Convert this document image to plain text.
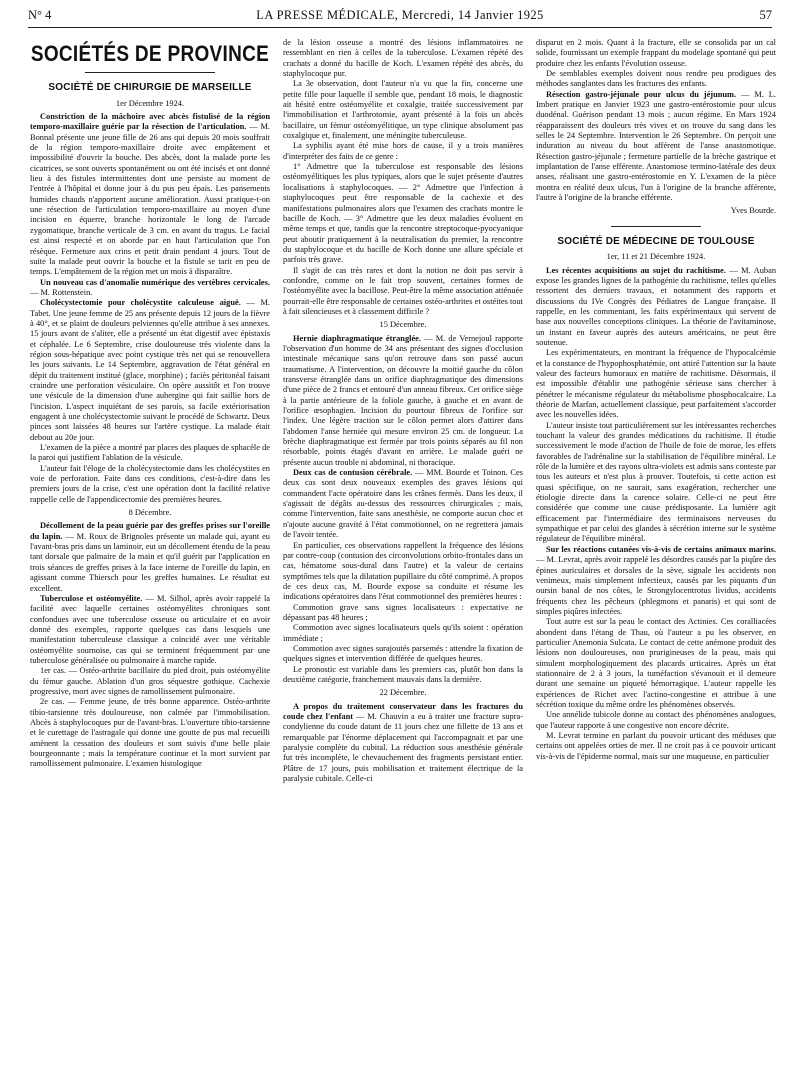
N° 4	LA PRESSE MÉDICALE, Mercredi, 14 Janvier 1925	57
SOCIÉTÉS DE PROVINCE
SOCIÉTÉ DE CHIRURGIE DE MARSEILLE

1er Décembre 1924.

Constriction de la mâchoire avec abcès fistulisé de la région temporo-maxillaire guérie par la résection de l'articulation. — M. Bonnal présente une jeune fille de 26 ans qui depuis 20 mois souffrait de la région temporo-maxillaire droite avec empâtement et impossibilité d'ouvrir la bouche. Des abcès, dont la malade porte les cicatrices, se sont ouverts spontanément ou ont été incisés et ont donné lieu à des fistules intermittentes dont une persiste au moment de l'entrée à l'hôpital et donne jour à du pus peu épais. Les pansements humides chauds n'apportent aucune amélioration. Aussi pratique-t-on une résection de l'articulation temporo-maxillaire au moyen d'une incision en équerre, branche horizontale le long de l'arcade zygomatique, branche verticale de 3 cm. en avant du tragus. Le facial est ainsi respecté et on aborde par en haut l'articulation que l'on résèque. Fermeture aux crins et petit drain pendant 4 jours. Tout de suite la malade peut ouvrir la bouche et la fistule se tarit en peu de temps. L'empâtement de la région met un mois à disparaître.

Un nouveau cas d'anomalie numérique des vertèbres cervicales. — M. Rottenstein.

Cholécystectomie pour cholécystite calculeuse aiguë. — M. Tabet. Une jeune femme de 25 ans présente depuis 12 jours de la fièvre à 40°, et se plaint de douleurs pelviennes qu'elle attribue à ses annexes. 15 jours avant de s'aliter, elle a présenté un état digestif avec épistaxis et céphalée. Le 6 Septembre, crise douloureuse très violente dans la région sous-hépatique avec point cystique très net qui se renouvellera les jours suivants. Le 14 Septembre, aggravation de l'état général en dépit du traitement institué (glace, morphine) ; faciès péritonéal faisant craindre une perforation vésiculaire. On opère aussitôt et l'on trouve une vésicule de la dimension d'une aubergine qui fait saillie hors de l'incision. L'aspect inquiétant de ses parois, sa facile extériorisation engagent à une cholécystectomie suivant le procédé de Schwartz. Deux pinces sont laissées 48 heures sur l'artère cystique. La malade était debout au 20e jour.

L'examen de la pièce a montré par places des plaques de sphacèle de la paroi qui justifient l'ablation de la vésicule.

L'auteur fait l'éloge de la cholécystectomie dans les cholécystites en voie de perforation. Faite dans ces conditions, c'est-à-dire dans les premiers jours de la crise, c'est une opération dont la facilité relative rappelle celle de l'appendicectomie des premières heures.

8 Décembre.

Décollement de la peau guérie par des greffes prises sur l'oreille du lapin. — M. Roux de Brignoles présente un malade qui, ayant eu l'avant-bras pris dans un laminoir, eut un décollement étendu de la peau tant dorsale que palmaire de la main et qu'il guérit par l'application en trois séances de greffes prises à la face interne de l'oreille du lapin, en agissant comme Thiersch pour les greffes humaines. Le résultat est excellent.

Tuberculose et ostéomyélite. — M. Silhol, après avoir rappelé la facilité avec laquelle certaines ostéomyélites chroniques sont confondues avec une tuberculose osseuse ou articulaire et en avoir donné des exemples, rapporte quelques cas dans lesquels une manifestation tuberculeuse classique a coïncidé avec une véritable ostéomyélite sournoise, cas qui se terminent fréquemment par une tuberculose généralisée ou pulmonaire à marche rapide.

1er cas. — Ostéo-arthrite bacillaire du pied droit, puis ostéomyélite du fémur gauche. Ablation d'un gros séquestre gothique. Cachexie progressive, mort avec signes de ramollissement pulmonaire.

2e cas. — Femme jeune, de très bonne apparence. Ostéo-arthrite tibio-tarsienne très douloureuse, non calmée par l'immobilisation. Abcès à staphylocoques pur de l'avant-bras. L'ouverture tibio-tarsienne et le curettage de l'astragale qui donne une goutte de pus mal recueilli amènent la cessation des douleurs et sont suivis d'une belle plaie bourgeonnante ; mais la température continue et la mort survient par ramollissement pulmonaire. L'examen histologique

de la lésion osseuse a montré des lésions inflammatoires ne ressemblant en rien à celles de la tuberculose. L'examen répété des crachats a donné du bacille de Koch. L'examen répété des abcès, du staphylocoque pur.

La 3e observation, dont l'auteur n'a vu que la fin, concerne une petite fille pour laquelle il semble que, pendant 18 mois, le diagnostic ait hésité entre ostéomyélite et coxalgie, traitée successivement par l'immobilisation et l'arthrotomie, ayant présenté à la fois un abcès bacillaire, un fémur ostéomyélitique, un type clinique absolument pas coxalgique et, finalement, une méningite tuberculeuse.

La syphilis ayant été mise hors de cause, il y a trois manières d'interpréter des faits de ce genre :

1° Admettre que la tuberculose est responsable des lésions ostéomyélitiques les plus typiques, alors que le sujet présente d'autres localisations à staphylocoques. — 2° Admettre que l'infection à staphylocoques peut être responsable de la cachexie et des manifestations pulmonaires alors que l'examen des crachats montre le bacille de Koch. — 3° Admettre que les deux maladies évoluent en même temps et que, tandis que la rencontre streptocoque-pyocyanique peut aboutir pratiquement à la neutralisation du premier, la rencontre du staphylocoque et du bacille de Koch donne une allure spéciale et parfois très grave.

Il s'agit de cas très rares et dont la notion ne doit pas servir à confondre, comme on le fait trop souvent, certaines formes de l'ostéomyélite avec la bacillose. Peut-être la même association atténuée pourrait-elle être responsable de certaines ostéo-arthrites et ostéites tout à fait silencieuses et à classement difficile ?

15 Décembre.

Hernie diaphragmatique étranglée. — M. de Vernejoul rapporte l'observation d'un homme de 34 ans présentant des signes d'occlusion intestinale mécanique sans qu'on retrouve dans son passé aucun traumatisme. A l'intervention, on découvre la moitié gauche du côlon transverse étranglée dans un orifice diaphragmatique des dimensions d'une pièce de 2 francs et entouré d'un anneau fibreux. Cet orifice siège à la partie antérieure de la foliole gauche, à gauche et en avant de l'orifice œsophagien. Incision du pourtour fibreux de l'orifice sur l'index. Une légère traction sur le côlon permet alors d'attirer dans l'abdomen l'anse herniée qui mesure environ 25 cm. de longueur. La brèche diaphragmatique est fermée par trois points séparés au fil non résorbable, points étagés d'avant en arrière. Le malade guéri ne présente aucun trouble ni abdominal, ni thoracique.

Deux cas de contusion cérébrale. — MM. Bourde et Toinon. Ces deux cas sont deux nouveaux exemples des graves lésions qui commandent l'acte opératoire dans les crânes fermés. Dans les deux, il s'agissait de dégâts au-dessus des ressources chirurgicales ; mais, comme l'intervention, faite sans anesthésie, ne comporte aucun choc et n'ajoute aucune gravité à l'état commotionnel, on ne regrettera jamais de l'avoir tentée.

En particulier, ces observations rappellent la fréquence des lésions par contre-coup (contusion des circonvolutions orbito-frontales dans un cas, hématome sous-dural dans l'autre) et la valeur de certains symptômes tels que la dilatation pupillaire du côté comprimé. A propos de ces deux cas, M. Bourde expose sa conduite et résume les indications opératoires dans l'état commotionnel des premières heures :

Commotion grave sans signes localisateurs : expectative ne dépassant pas 48 heures ;

Commotion avec signes localisateurs quels qu'ils soient : opération immédiate ;

Commotion avec signes surajoutés parsemés : attendre la fixation de quelques signes et intervention différée de quelques heures.

Le pronostic est variable dans les premiers cas, plutôt bon dans la deuxième catégorie, franchement mauvais dans la dernière.

22 Décembre.

A propos du traitement conservateur dans les fractures du coude chez l'enfant — M. Chauvin a eu à traiter une fracture supra-condylienne du coude datant de 11 jours chez une fillette de 13 ans et remarquable par l'énorme déplacement qui l'accompagnait et par une paralysie complète du cubital. La réduction sous anesthésie générale fut très incomplète, le chevauchement des fragments persistant entier. Plâtre de 17 jours, puis mobilisation et traitement électrique de la paralysie cubitale. Celle-ci

disparut en 2 mois. Quant à la fracture, elle se consolida par un cal solide, fournissant un exemple frappant du modelage spontané qui peut produire chez les enfants l'évolution osseuse.

De semblables exemples doivent nous rendre peu prodigues des méthodes sanglantes dans les fractures des enfants.

Résection gastro-jéjunale pour ulcus du jéjunum. — M. L. Imbert pratique en Janvier 1923 une gastro-entérostomie pour ulcus duodénal. Guérison pendant 13 mois ; aucun régime. En Mars 1924 réapparaissent des douleurs très vives et on trouve du sang dans les selles le 24 Septembre. Intervention le 26 Septembre. On perçoit une induration au niveau du bout afférent de l'anse anastomotique. Résection gastro-jéjunale ; fermeture partielle de la brèche gastrique et implantation de l'anse efférente. Anastomose termino-latérale des deux anses, réalisant une gastro-entérostomie en Y. L'examen de la pièce montra en réalité deux ulcus, l'un à l'origine de la branche afférente, l'autre à l'origine de la branche efférente.

Yves Bourde.

SOCIÉTÉ DE MÉDECINE DE TOULOUSE

1er, 11 et 21 Décembre 1924.

Les récentes acquisitions au sujet du rachitisme. — M. Auban expose les grandes lignes de la pathogénie du rachitisme, telles qu'elles ressortent des derniers travaux, et notamment des rapports et discussions du IVe Congrès des Pédiatres de Langue française. Il rappelle, en les commentant, les faits expérimentaux qui servent de base aux nouvelles conceptions cliniques. La théorie de l'avitaminose, un instant en faveur auprès des auteurs américains, ne peut être soutenue.

Les expérimentateurs, en montrant la fréquence de l'hypocalcémie et la constance de l'hypophosphatémie, ont attiré l'attention sur la haute valeur des facteurs humoraux en matière de rachitisme. Désormais, il est impossible d'établir une pathogénie sérieuse sans chercher à pénétrer le mécanisme régulateur du métabolisme phosphocalcaire. La théorie de Marfan, actuellement classique, peut parfaitement s'accorder avec les nouvelles idées.

L'auteur insiste tout particulièrement sur les intéressantes recherches touchant la valeur des grandes médications du rachitisme. Il étudie successivement le mode d'action de l'huile de foie de morue, les effets favorables de l'adrénaline sur la stabilisation de l'équilibre minéral. Le rôle de la lumière et des rayons ultra-violets est admis sans conteste par tous les auteurs et n'est plus à prouver. Toutefois, si cette action est quasi spécifique, on ne saurait, sans exagération, rechercher une étiologie directe dans la carence solaire. Celle-ci ne peut être considérée que comme une cause prédisposante. La lumière agit efficacement par l'intermédiaire des terminaisons nerveuses du sympathique et par celui des glandes à sécrétion interne sur le système régulateur de l'équilibre minéral.

Sur les réactions cutanées vis-à-vis de certains animaux marins. — M. Levrat, après avoir rappelé les désordres causés par la piqûre des épines auriculaires et dorsales de la sève, signale les accidents non venimeux, mais simplement infectieux, causés par les piquants d'un oursin banal de nos côtes, le Strongylocentrotus lividus, accidents fréquents chez les pêcheurs (phlegmons et panaris) et qui sont de simples piqûres infectées.

Tout autre est sur la peau le contact des Actinies. Ces coralliacées abondent dans l'étang de Thau, où l'auteur a pu les observer, en particulier Anemonia Sulcata. Le contact de cette anémone produit des lésions non douloureuses, non prurigineuses de la peau, mais qui simulent morphologiquement des placards urticaires. Après un état stationnaire de 2 à 3 jours, la tuméfaction s'évanouit et il demeure durant une semaine un piqueté hémorragique. L'auteur rappelle les expériences de Richet avec l'actino-congestine et attribue à une sécrétion toxique du même ordre les phénomènes observés.

Une annélide tubicole donne au contact des phénomènes analogues, que l'auteur rapporte à une congestive non encore décrite.

M. Levrat termine en parlant du pouvoir urticant des méduses que certains ont appelées orties de mer. Il ne croit pas à ce pouvoir urticant vis-à-vis de l'épiderme normal, mais sur une muqueuse, en particulier
